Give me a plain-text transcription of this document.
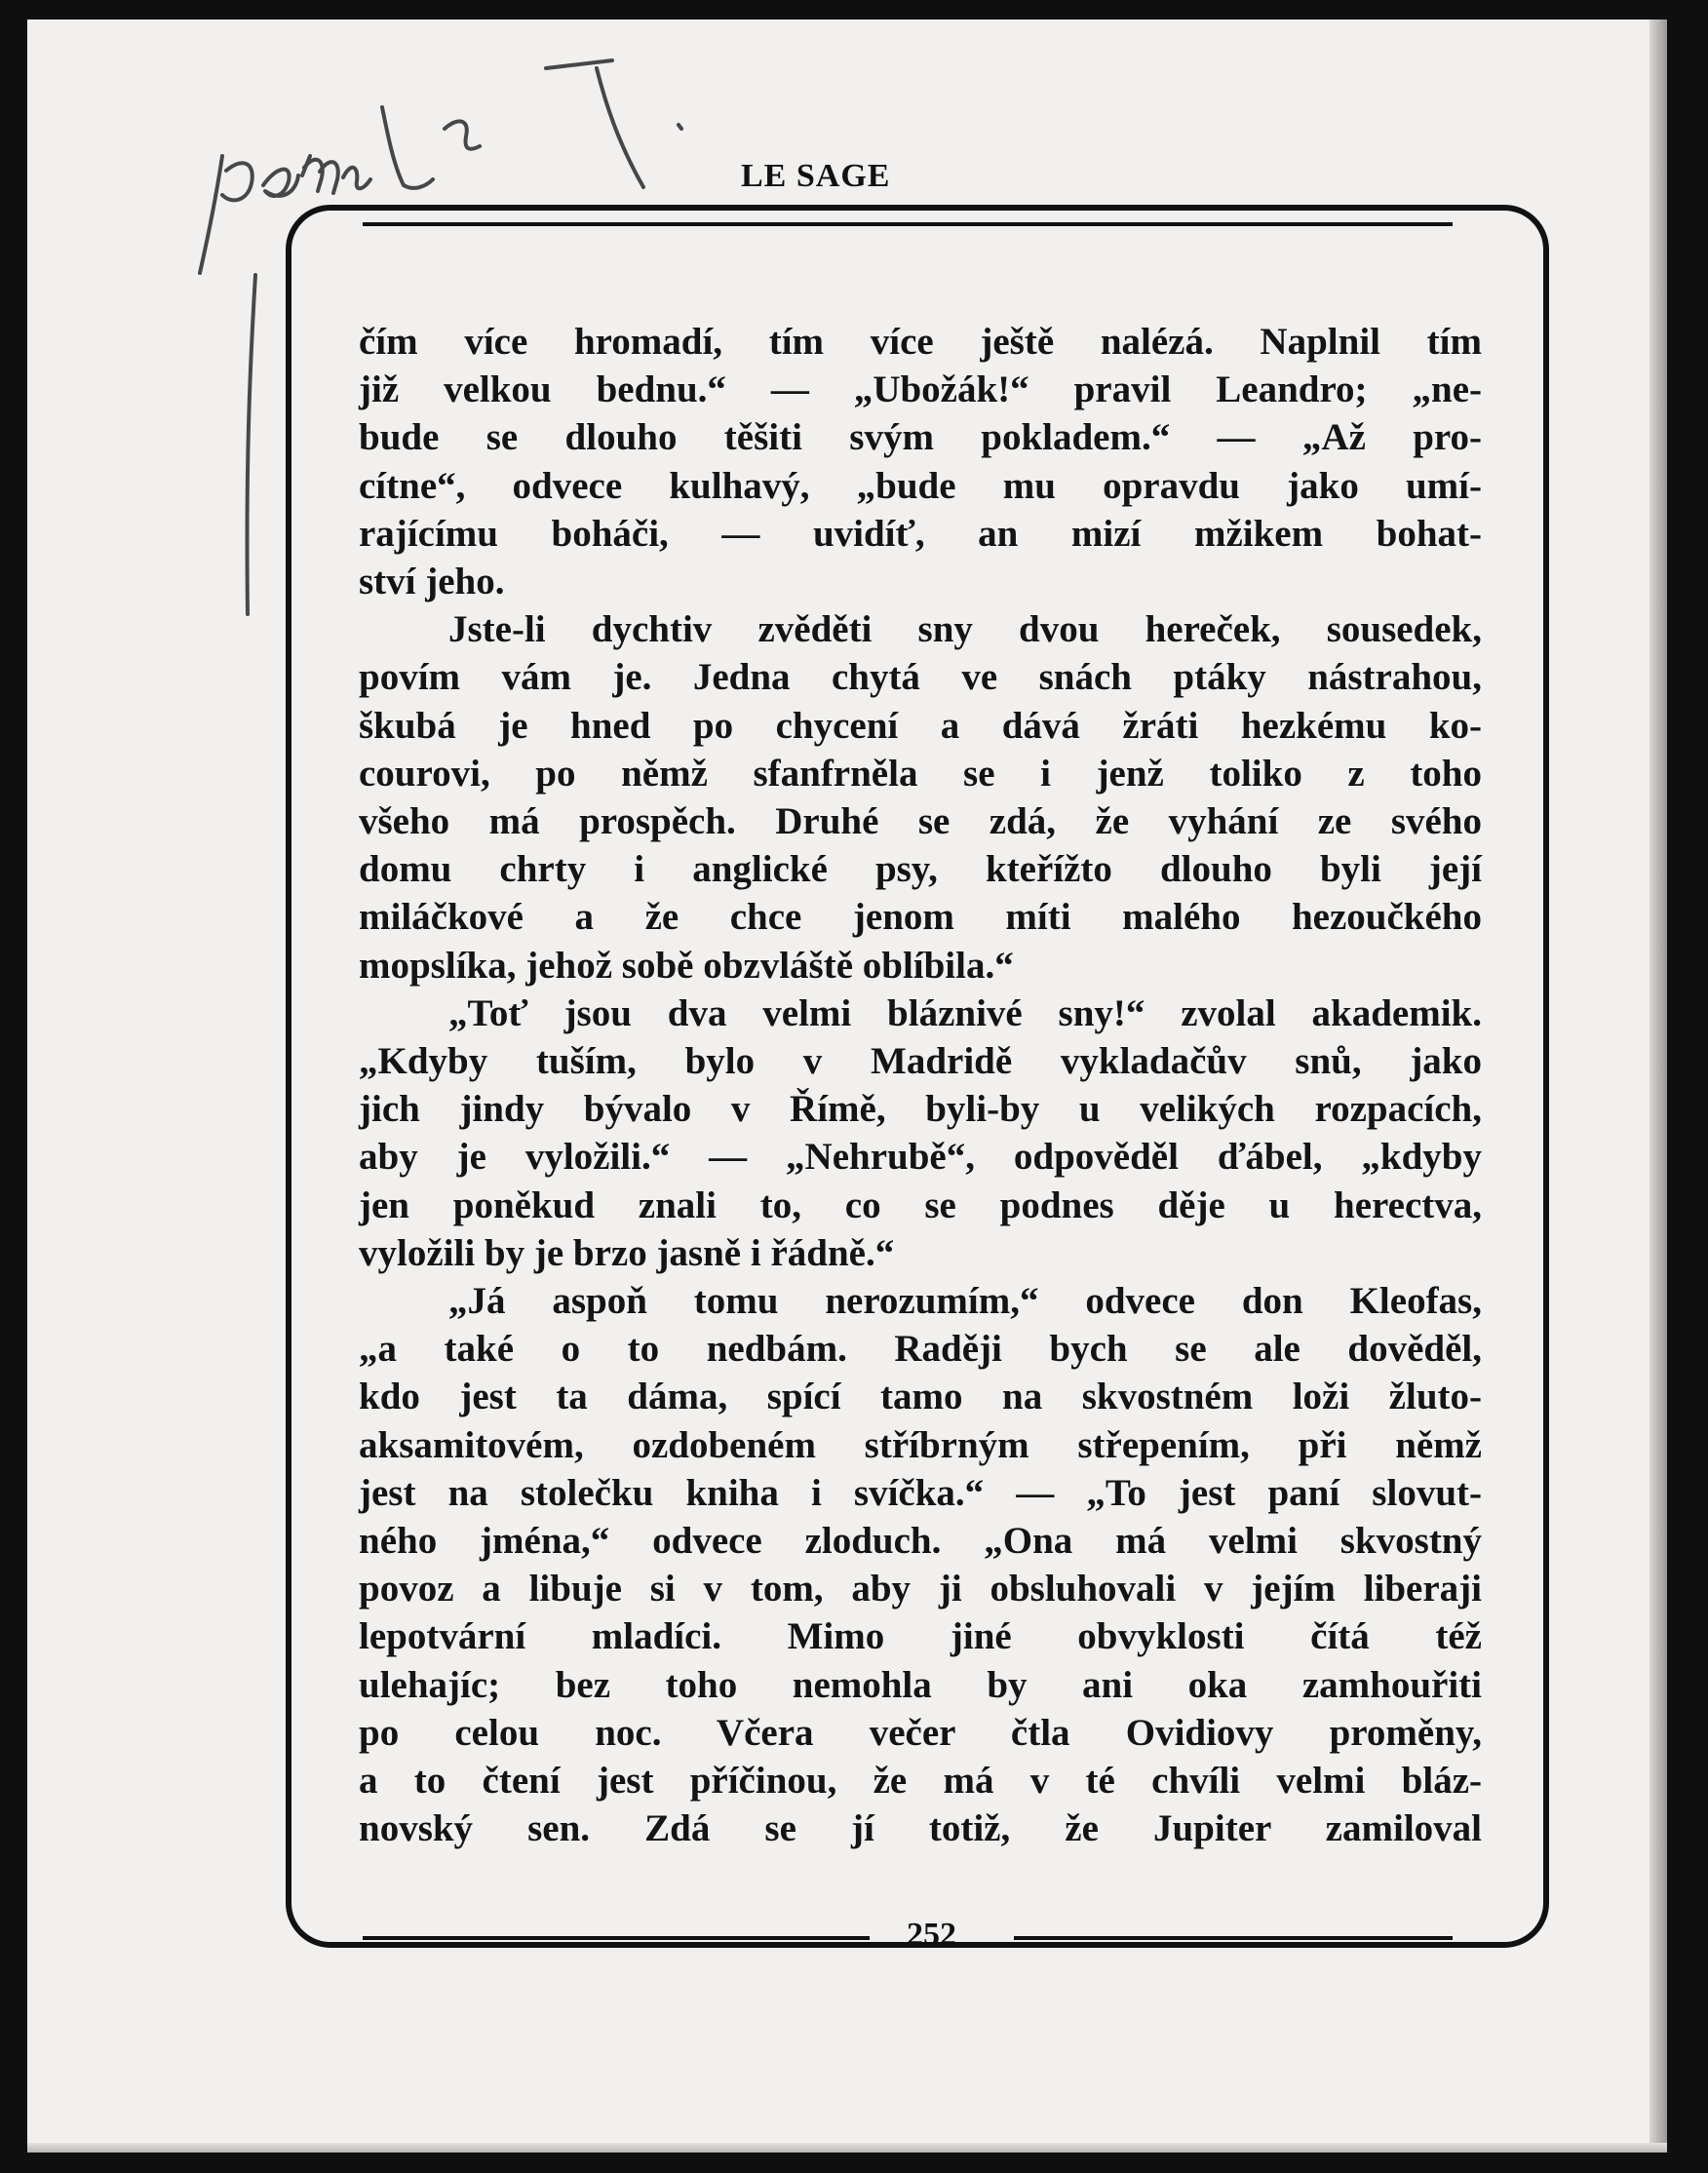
LE SAGE
čím více hromadí, tím více ještě nalézá. Naplnil tím
již velkou bednu.“ — „Ubožák!“ pravil Leandro; „ne-
bude se dlouho těšiti svým pokladem.“ — „Až pro-
cítne“, odvece kulhavý, „bude mu opravdu jako umí-
rajícímu boháči, — uvidíť, an mizí mžikem bohat-
ství jeho.
Jste-li dychtiv zvěděti sny dvou hereček, sousedek,
povím vám je. Jedna chytá ve snách ptáky nástrahou,
škubá je hned po chycení a dává žráti hezkému ko-
courovi, po němž sfanfrněla se i jenž toliko z toho
všeho má prospěch. Druhé se zdá, že vyhání ze svého
domu chrty i anglické psy, kteřížto dlouho byli její
miláčkové a že chce jenom míti malého hezoučkého
mopslíka, jehož sobě obzvláště oblíbila.“
„Toť jsou dva velmi bláznivé sny!“ zvolal akademik.
„Kdyby tuším, bylo v Madridě vykladačův snů, jako
jich jindy bývalo v Římě, byli-by u velikých rozpacích,
aby je vyložili.“ — „Nehrubě“, odpověděl ďábel, „kdyby
jen poněkud znali to, co se podnes děje u herectva,
vyložili by je brzo jasně i řádně.“
„Já aspoň tomu nerozumím,“ odvece don Kleofas,
„a také o to nedbám. Raději bych se ale dověděl,
kdo jest ta dáma, spící tamo na skvostném loži žluto-
aksamitovém, ozdobeném stříbrným střepením, při němž
jest na stolečku kniha i svíčka.“ — „To jest paní slovut-
ného jména,“ odvece zloduch. „Ona má velmi skvostný
povoz a libuje si v tom, aby ji obsluhovali v jejím liberaji
lepotvární mladíci. Mimo jiné obvyklosti čítá též
ulehajíc; bez toho nemohla by ani oka zamhouřiti
po celou noc. Včera večer čtla Ovidiovy proměny,
a to čtení jest příčinou, že má v té chvíli velmi bláz-
novský sen. Zdá se jí totiž, že Jupiter zamiloval
252
